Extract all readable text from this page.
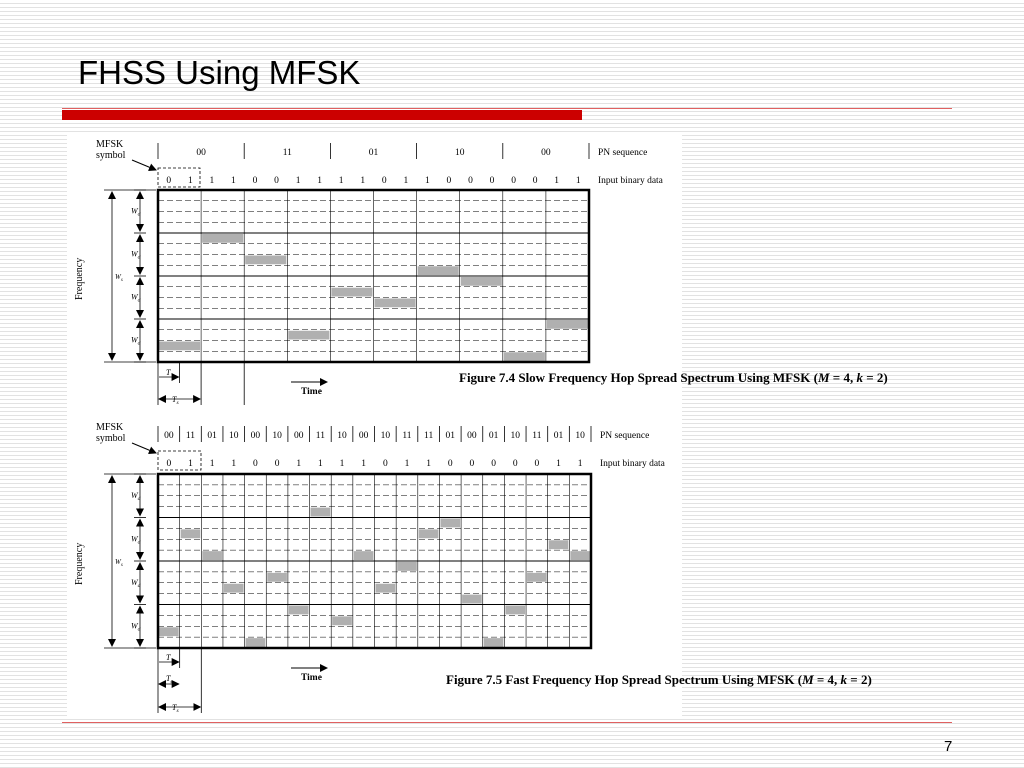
FHSS Using MFSK
MFSK
symbol	00	11	01	10	00	PN sequence
0 1 1 1 0 0 1 1 1 1 0 1 1 0 0 0 0 0 1 1 Input binary data
$W_d$
$W_d$
$W_d$
$W_d$
$W_s$
Frequency
T
$T_s$
Time
Figure 7.4 Slow Frequency Hop Spread Spectrum Using MFSK (M = 4, k = 2)
MFSK
symbol	00 11 01 10 00 10 00 11 10 00 10 11 11 01 00 01 10 11 01 10 PN sequence
0 1 1 1 0 0 1 1 1 1 0 1 1 0 0 0 0 0 1 1 Input binary data
$W_d$
$W_d$
$W_d$
$W_d$
$W_s$
Frequency
T
$T_c$
$T_s$
Time	Figure 7.5 Fast Frequency Hop Spread Spectrum Using MFSK (M = 4, k = 2)
7
